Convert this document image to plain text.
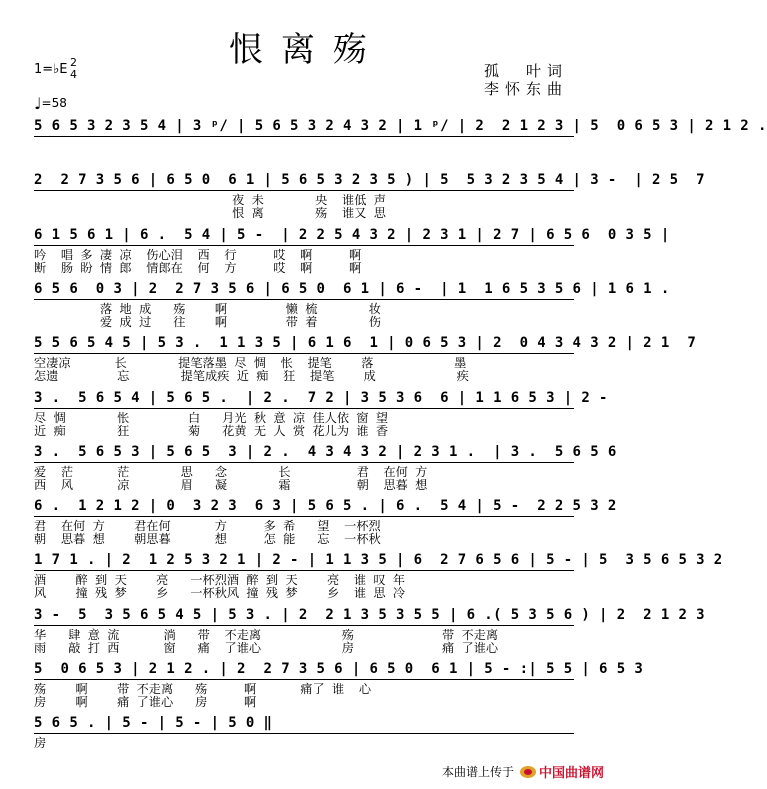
恨离殇
孤　叶词
李怀东曲
1=♭E 2
4
♩=58
5 6 5 3 2 3 5 4 | 3 ᵖ/ | 5 6 5 3 2 4 3 2 | 1 ᵖ/ | 2  2 1 2 3 | 5  0 6 5 3 | 2 1 2 .
2  2 7 3 5 6 | 6 5 0  6 1 | 5 6 5 3 2 3 5 ) | 5  5 3 2 3 5 4 | 3 -  | 2 5  7
夜 未       央  谁低 声
恨 离       殇  谁又 思
6 1 5 6 1 | 6 .  5 4 | 5 -  | 2 2 5 4 3 2 | 2 3 1 | 2 7 | 6 5 6  0 3 5 |
吟  唱 多 凄 凉  伤心泪  西  行     哎  啊     啊
断  肠 盼 情 郎  情郎在  何  方     哎  啊     啊
6 5 6  0 3 | 2  2 7 3 5 6 | 6 5 0  6 1 | 6 -  | 1  1 6 5 3 5 6 | 1 6 1 .
落 地 成   殇    啊        懒 梳       妆
爱 成 过   往    啊        带 着       伤
5 5 6 5 4 5 | 5 3 .  1 1 3 5 | 6 1 6  1 | 0 6 5 3 | 2  0 4 3 4 3 2 | 2 1  7
空凄凉      长       提笔落墨 尽 惆  怅  提笔    落           墨
怎遗        忘       提笔成疾 近 痴  狂  提笔    成           疾
3 .  5 6 5 4 | 5 6 5 .  | 2 .  7 2 | 3 5 3 6  6 | 1 1 6 5 3 | 2 -
尽 惆       怅        白   月光 秋 意 凉 佳人依 窗 望
近 痴       狂        菊   花黄 无 人 赏 花儿为 谁 香
3 .  5 6 5 3 | 5 6 5  3 | 2 .  4 3 4 3 2 | 2 3 1 .  | 3 .  5 6 5 6
爱  茫      茫       思   念       长         君  在何 方
西  风      凉       眉   凝       霜         朝  思暮 想
6 .  1 2 1 2 | 0  3 2 3  6 3 | 5 6 5 . | 6 .  5 4 | 5 -  2 2 5 3 2
君  在何 方    君在何      方     多 希   望  一杯烈
朝  思暮 想    朝思暮      想     怎 能   忘  一杯秋
1 7 1 . | 2  1 2 5 3 2 1 | 2 - | 1 1 3 5 | 6  2 7 6 5 6 | 5 - | 5  3 5 6 5 3 2
酒    醉 到 天    亮   一杯烈酒 醉 到 天    亮  谁 叹 年
风    撞 残 梦    乡   一杯秋风 撞 残 梦    乡  谁 思 冷
3 -  5  3 5 6 5 4 5 | 5 3 . | 2  2 1 3 5 3 5 5 | 6 .( 5 3 5 6 ) | 2  2 1 2 3
华   肆 意 流      淌   带  不走离           殇            带 不走离
雨   敲 打 西      窗   痛  了谁心           房            痛 了谁心
5  0 6 5 3 | 2 1 2 . | 2  2 7 3 5 6 | 6 5 0  6 1 | 5 - :| 5 5 | 6 5 3
殇    啊    带 不走离   殇     啊      痛了 谁  心
房    啊    痛 了谁心   房     啊
5 6 5 . | 5 - | 5 - | 5 0 ‖
房
本曲谱上传于 中国曲谱网
